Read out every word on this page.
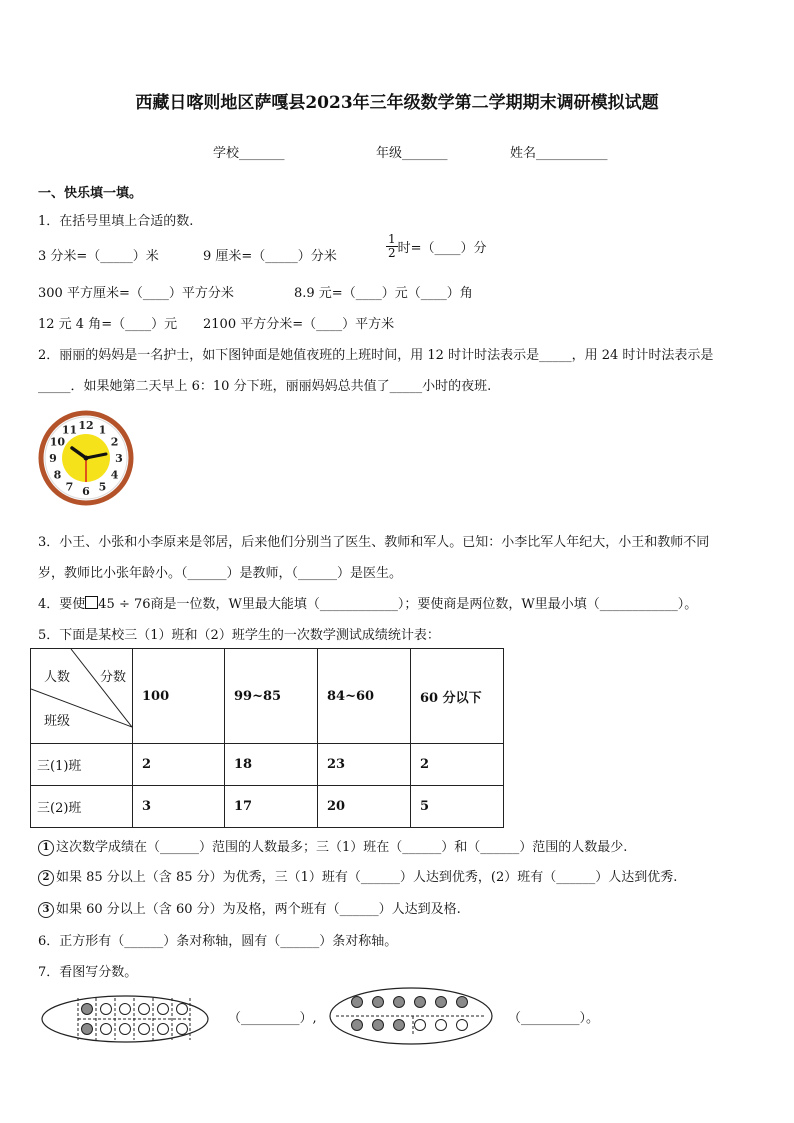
西藏日喀则地区萨嘎县2023年三年级数学第二学期期末调研模拟试题
学校_______	年级_______	姓名___________
一、快乐填一填。
1．在括号里填上合适的数.
3 分米=（_____）米	9 厘米=（_____）分米	$\frac{1}{2}$ 时=（____）分
300 平方厘米=（____）平方分米	8.9 元=（____）元（____）角
12 元 4 角=（____）元 2100 平方分米=（____）平方米
2．丽丽的妈妈是一名护士，如下图钟面是她值夜班的上班时间，用 12 时计时法表示是_____，用 24 时计时法表示是
_____．如果她第二天早上 6：10 分下班，丽丽妈妈总共值了_____小时的夜班.
12 1
2
3
4
5
6
7
8
9
10
11
3．小王、小张和小李原来是邻居，后来他们分别当了医生、教师和军人。已知：小李比军人年纪大，小王和教师不同
岁，教师比小张年龄小。（______）是教师，（______）是医生。
4．要使 45 ÷ 76商是一位数，W里最大能填（____________）；要使商是两位数，W里最小填（____________）。
5．下面是某校三（1）班和（2）班学生的一次数学测试成绩统计表：
人数 分数
班级	100	99~85	84~60	60 分以下
三(1)班	2	18	23	2
三(2)班	3	17	20	5
1 这次数学成绩在（______）范围的人数最多；三（1）班在（______）和（______）范围的人数最少.
2 如果 85 分以上（含 85 分）为优秀，三（1）班有（______）人达到优秀，(2）班有（______）人达到优秀.
3 如果 60 分以上（含 60 分）为及格，两个班有（______）人达到及格.
6．正方形有（______）条对称轴，圆有（______）条对称轴。
7．看图写分数。
（_________）,	（_________）。
